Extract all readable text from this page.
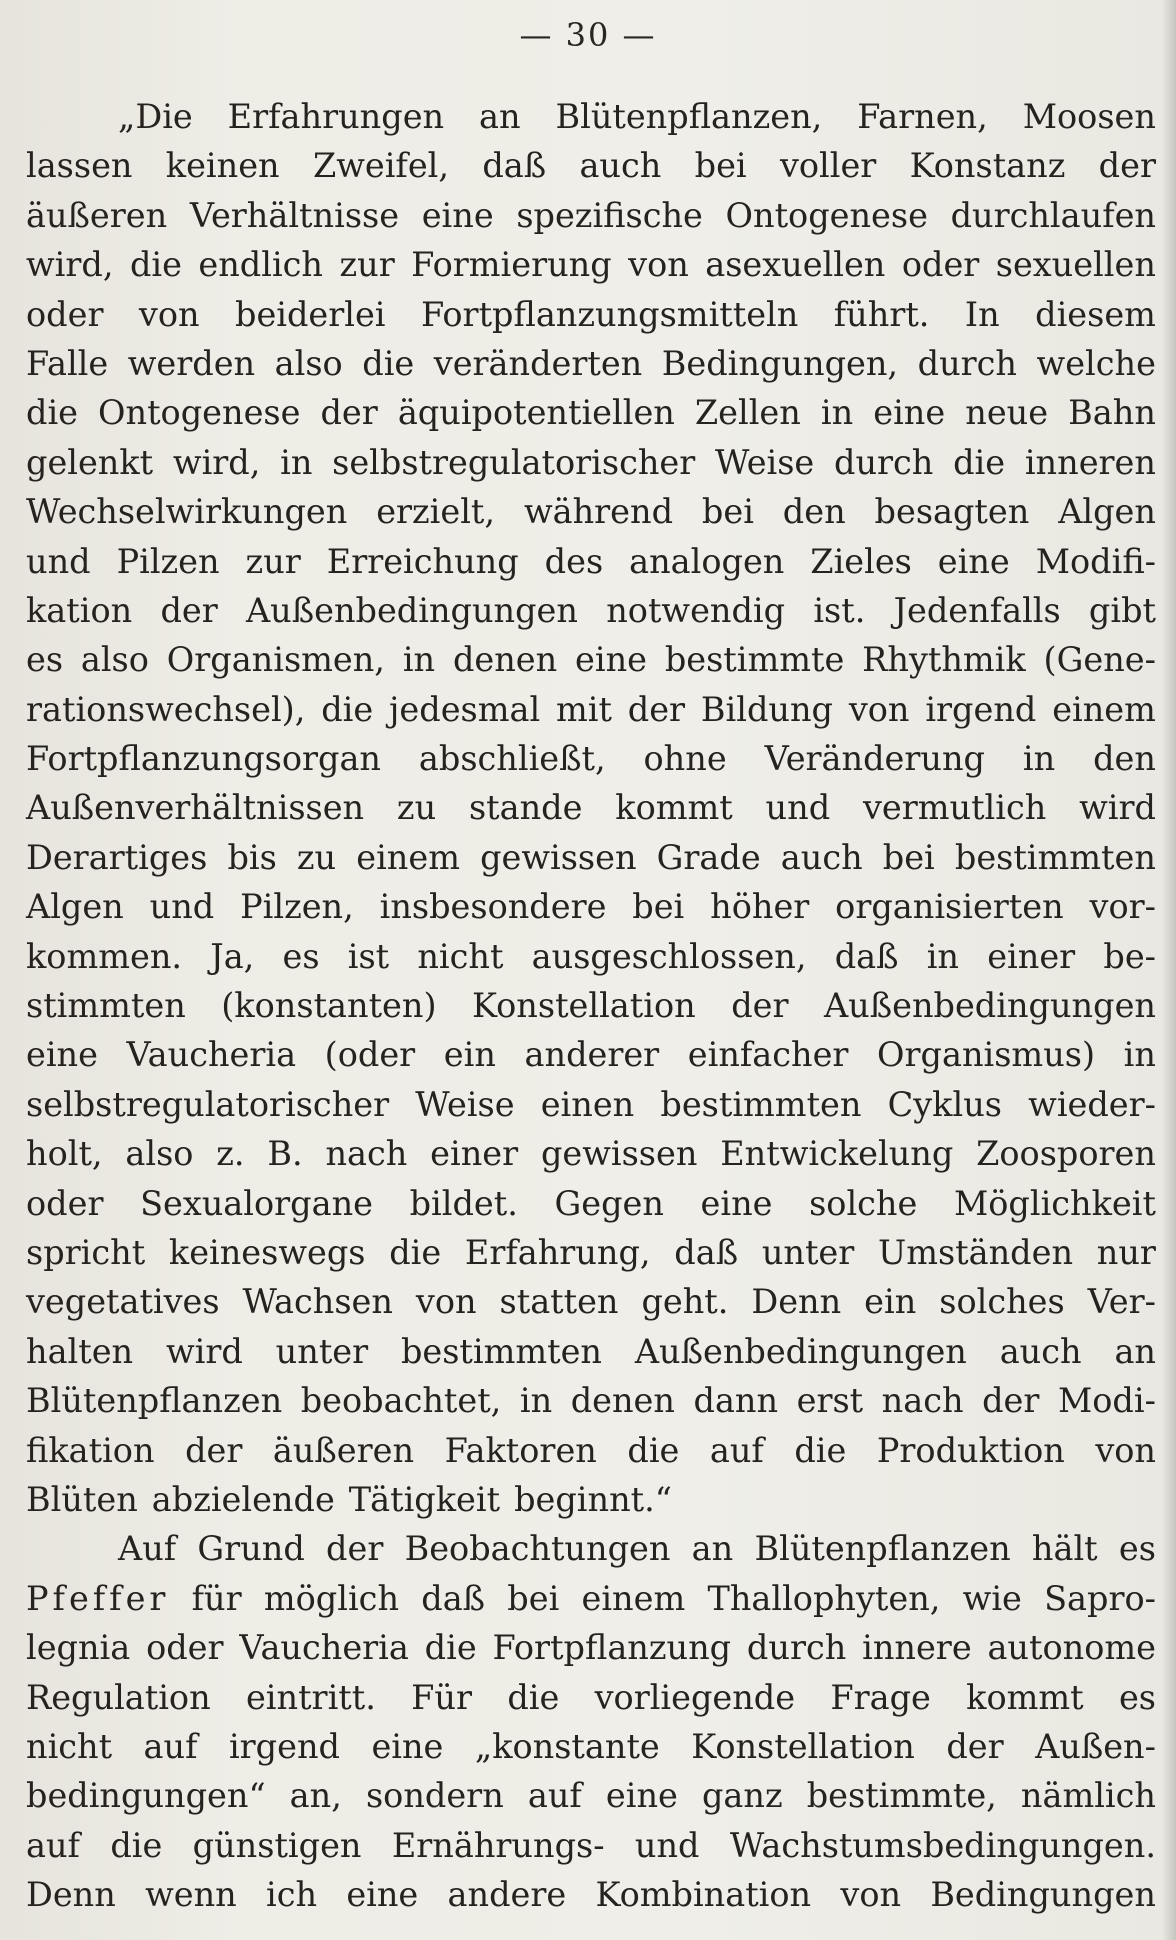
— 30 —
„Die Erfahrungen an Blütenpflanzen, Farnen, Moosen
lassen keinen Zweifel, daß auch bei voller Konstanz der
äußeren Verhältnisse eine spezifische Ontogenese durchlaufen
wird, die endlich zur Formierung von asexuellen oder sexuellen
oder von beiderlei Fortpflanzungsmitteln führt. In diesem
Falle werden also die veränderten Bedingungen, durch welche
die Ontogenese der äquipotentiellen Zellen in eine neue Bahn
gelenkt wird, in selbstregulatorischer Weise durch die inneren
Wechselwirkungen erzielt, während bei den besagten Algen
und Pilzen zur Erreichung des analogen Zieles eine Modifi-
kation der Außenbedingungen notwendig ist. Jedenfalls gibt
es also Organismen, in denen eine bestimmte Rhythmik (Gene-
rationswechsel), die jedesmal mit der Bildung von irgend einem
Fortpflanzungsorgan abschließt, ohne Veränderung in den
Außenverhältnissen zu stande kommt und vermutlich wird
Derartiges bis zu einem gewissen Grade auch bei bestimmten
Algen und Pilzen, insbesondere bei höher organisierten vor-
kommen. Ja, es ist nicht ausgeschlossen, daß in einer be-
stimmten (konstanten) Konstellation der Außenbedingungen
eine Vaucheria (oder ein anderer einfacher Organismus) in
selbstregulatorischer Weise einen bestimmten Cyklus wieder-
holt, also z. B. nach einer gewissen Entwickelung Zoosporen
oder Sexualorgane bildet. Gegen eine solche Möglichkeit
spricht keineswegs die Erfahrung, daß unter Umständen nur
vegetatives Wachsen von statten geht. Denn ein solches Ver-
halten wird unter bestimmten Außenbedingungen auch an
Blütenpflanzen beobachtet, in denen dann erst nach der Modi-
fikation der äußeren Faktoren die auf die Produktion von
Blüten abzielende Tätigkeit beginnt.“
Auf Grund der Beobachtungen an Blütenpflanzen hält es
Pfeffer für möglich daß bei einem Thallophyten, wie Sapro-
legnia oder Vaucheria die Fortpflanzung durch innere autonome
Regulation eintritt. Für die vorliegende Frage kommt es
nicht auf irgend eine „konstante Konstellation der Außen-
bedingungen“ an, sondern auf eine ganz bestimmte, nämlich
auf die günstigen Ernährungs- und Wachstumsbedingungen.
Denn wenn ich eine andere Kombination von Bedingungen
